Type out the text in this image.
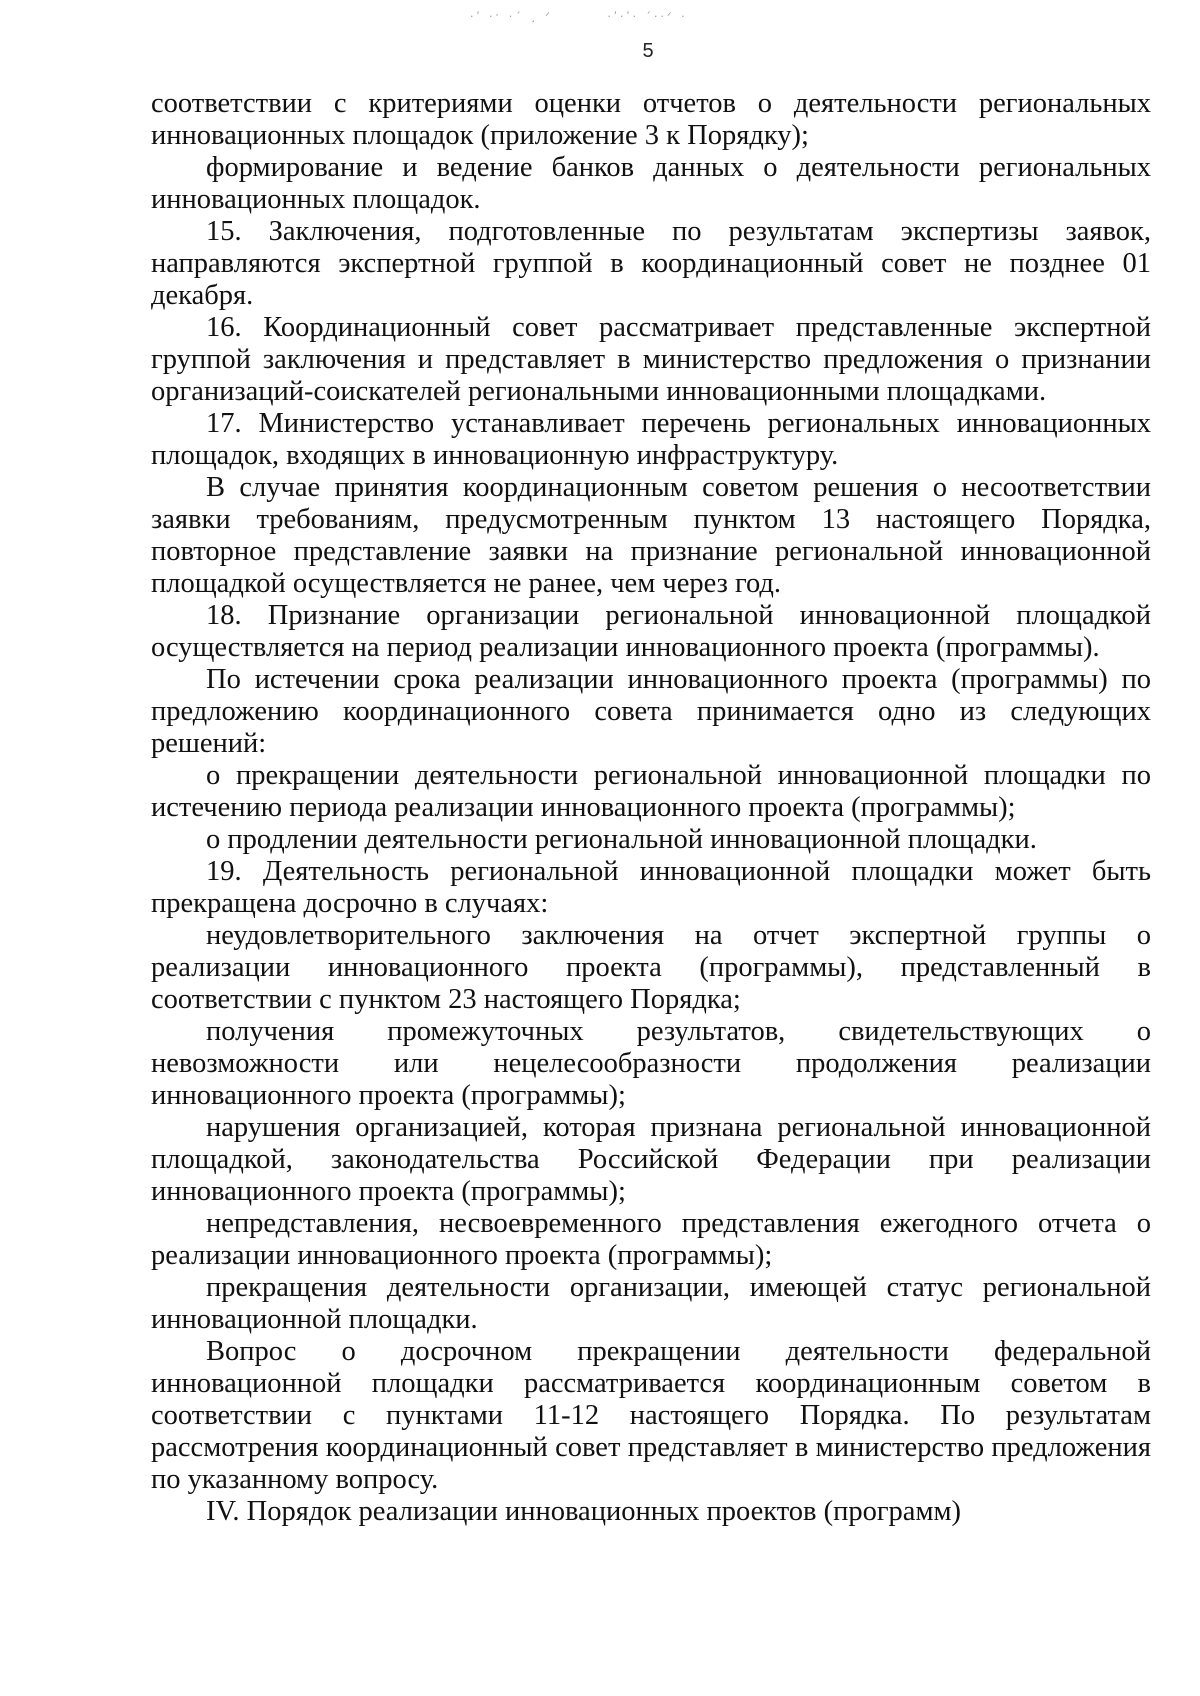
·ʹ ·ˑ ·ˊ ¸ ᐟ	·ʹ·ʹ· ˊ··ᐟ ·
5

соответствии с критериями оценки отчетов о деятельности региональных инновационных площадок (приложение 3 к Порядку);

формирование и ведение банков данных о деятельности региональных инновационных площадок.

15. Заключения, подготовленные по результатам экспертизы заявок, направляются экспертной группой в координационный совет не позднее 01 декабря.

16. Координационный совет рассматривает представленные экспертной группой заключения и представляет в министерство предложения о признании организаций-соискателей региональными инновационными площадками.

17. Министерство устанавливает перечень региональных инновационных площадок, входящих в инновационную инфраструктуру.

В случае принятия координационным советом решения о несоответствии заявки требованиям, предусмотренным пунктом 13 настоящего Порядка, повторное представление заявки на признание региональной инновационной площадкой осуществляется не ранее, чем через год.

18. Признание организации региональной инновационной площадкой осуществляется на период реализации инновационного проекта (программы).

По истечении срока реализации инновационного проекта (программы) по предложению координационного совета принимается одно из следующих решений:

о прекращении деятельности региональной инновационной площадки по истечению периода реализации инновационного проекта (программы);

о продлении деятельности региональной инновационной площадки.

19. Деятельность региональной инновационной площадки может быть прекращена досрочно в случаях:

неудовлетворительного заключения на отчет экспертной группы о реализации инновационного проекта (программы), представленный в соответствии с пунктом 23 настоящего Порядка;

получения промежуточных результатов, свидетельствующих о невозможности или нецелесообразности продолжения реализации инновационного проекта (программы);

нарушения организацией, которая признана региональной инновационной площадкой, законодательства Российской Федерации при реализации инновационного проекта (программы);

непредставления, несвоевременного представления ежегодного отчета о реализации инновационного проекта (программы);

прекращения деятельности организации, имеющей статус региональной инновационной площадки.

Вопрос о досрочном прекращении деятельности федеральной инновационной площадки рассматривается координационным советом в соответствии с пунктами 11-12 настоящего Порядка. По результатам рассмотрения координационный совет представляет в министерство предложения по указанному вопросу.

IV. Порядок реализации инновационных проектов (программ)
